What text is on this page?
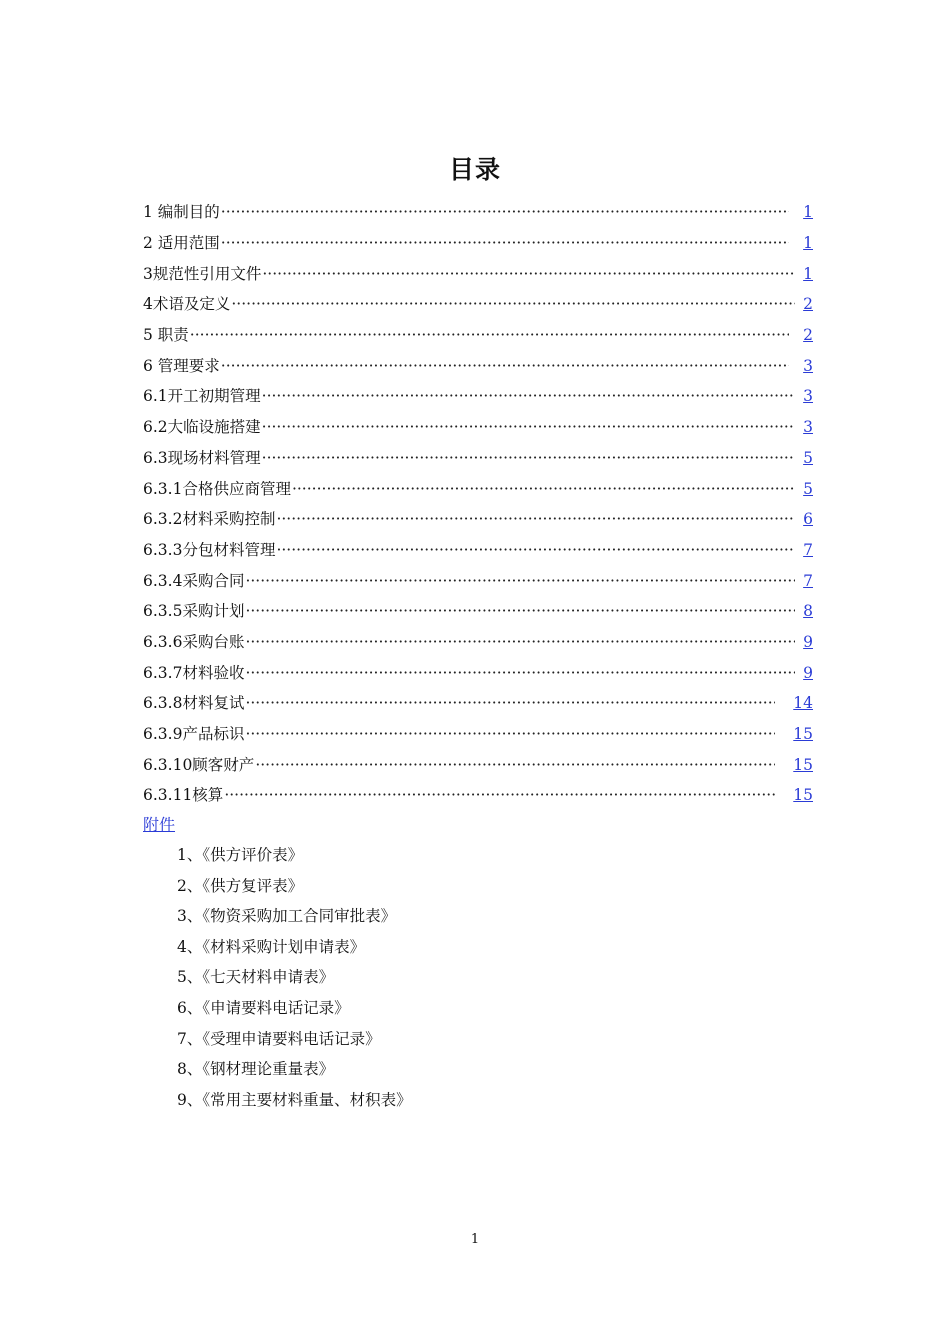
目录
1 编制目的 ·····	1
2 适用范围 ·····	1
3规范性引用文件 ·····	1
4术语及定义 ·····	2
5 职责 ·····	2
6 管理要求 ·····	3
6.1开工初期管理 ·····	3
6.2大临设施搭建 ·····	3
6.3现场材料管理 ·····	5
6.3.1合格供应商管理 ·····	5
6.3.2材料采购控制 ·····	6
6.3.3分包材料管理 ·····	7
6.3.4采购合同 ·····	7
6.3.5采购计划 ·····	8
6.3.6采购台账 ·····	9
6.3.7材料验收 ·····	9
6.3.8材料复试 ·····	14
6.3.9产品标识 ·····	15
6.3.10顾客财产 ·····	15
6.3.11核算 ·····	15
附件
1、《供方评价表》
2、《供方复评表》
3、《物资采购加工合同审批表》
4、《材料采购计划申请表》
5、《七天材料申请表》
6、《申请要料电话记录》
7、《受理申请要料电话记录》
8、《钢材理论重量表》
9、《常用主要材料重量、材积表》
1
